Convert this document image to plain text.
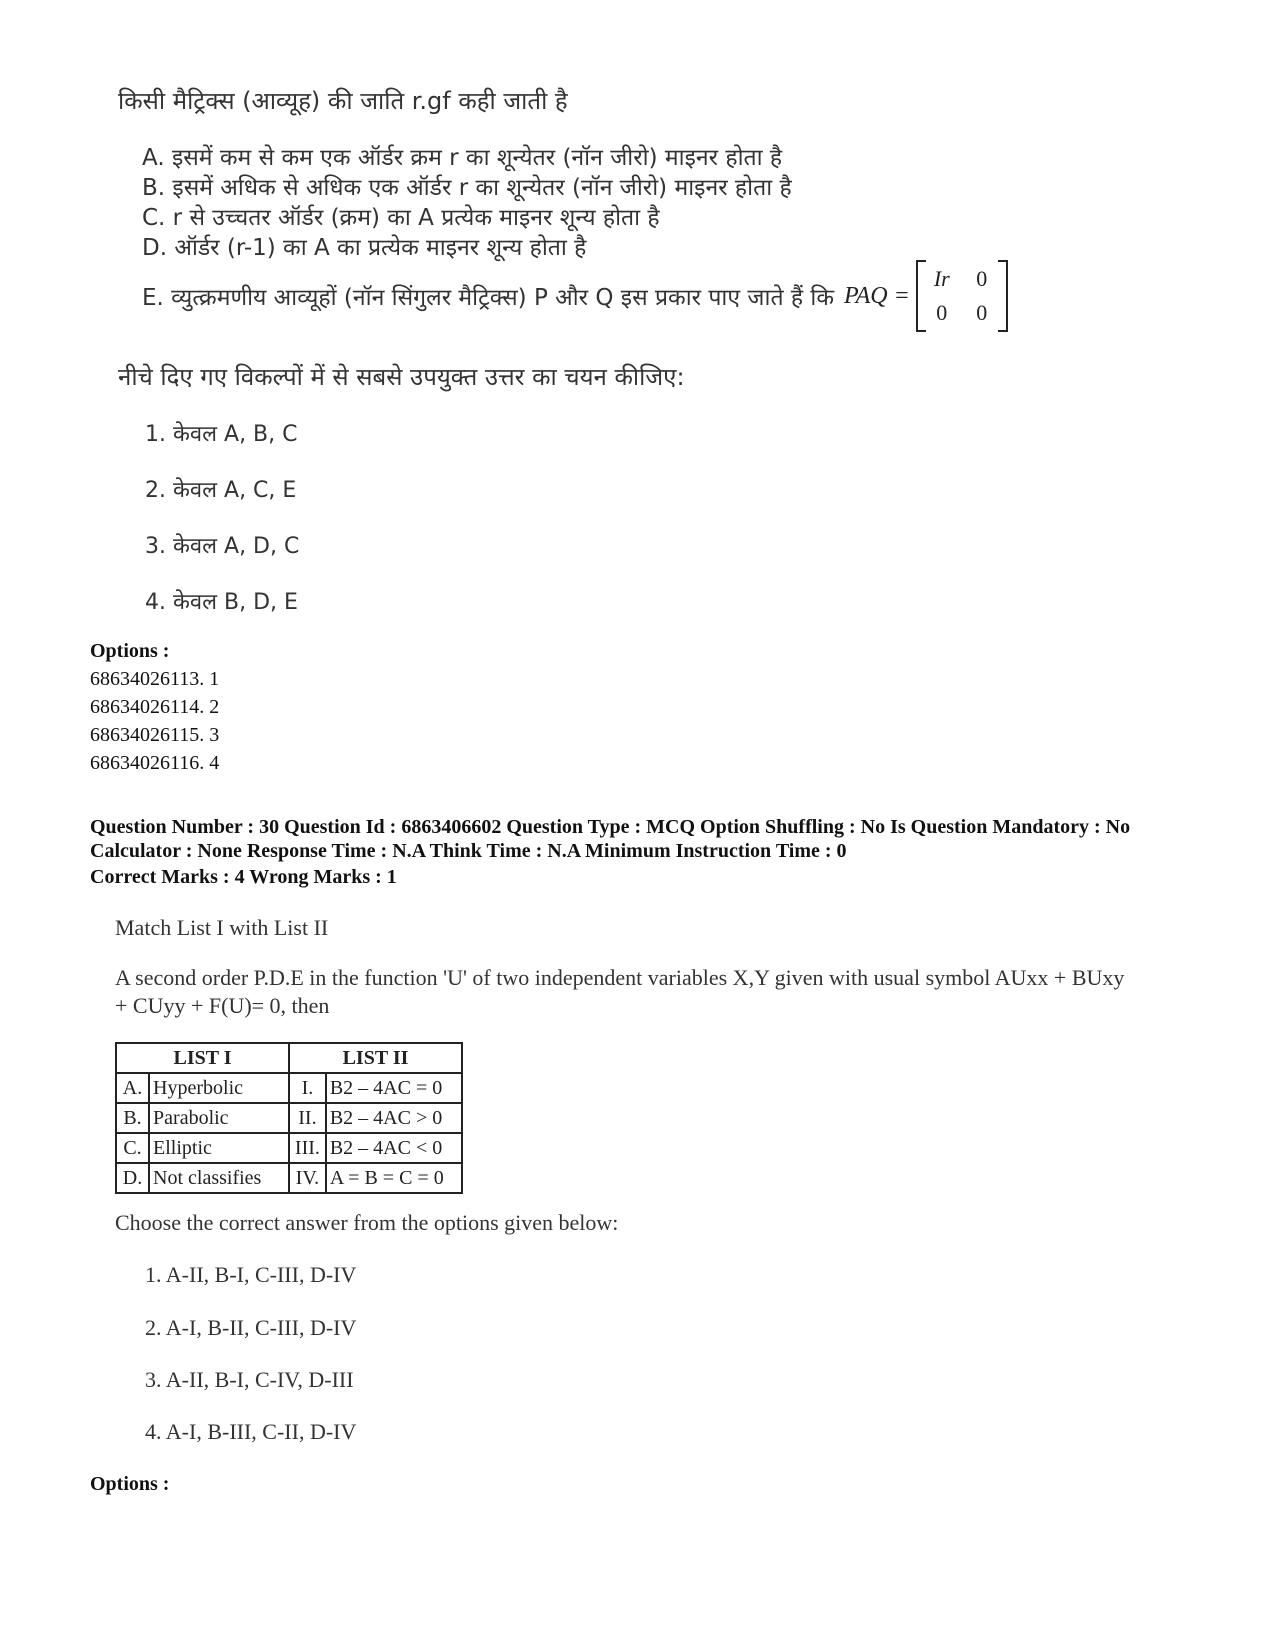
किसी मैट्रिक्स (आव्यूह) की जाति r.gf कही जाती है
A. इसमें कम से कम एक ऑर्डर क्रम r का शून्येतर (नॉन जीरो) माइनर होता है
B. इसमें अधिक से अधिक एक ऑर्डर r का शून्येतर (नॉन जीरो) माइनर होता है
C. r से उच्चतर ऑर्डर (क्रम) का A प्रत्येक माइनर शून्य होता है
D. ऑर्डर (r-1) का A का प्रत्येक माइनर शून्य होता है
E. व्युत्क्रमणीय आव्यूहों (नॉन सिंगुलर मैट्रिक्स) P और Q इस प्रकार पाए जाते हैं कि PAQ =
Ir	0
0	0
नीचे दिए गए विकल्पों में से सबसे उपयुक्त उत्तर का चयन कीजिए:
1. केवल A, B, C
2. केवल A, C, E
3. केवल A, D, C
4. केवल B, D, E
Options :
68634026113. 1
68634026114. 2
68634026115. 3
68634026116. 4
Question Number : 30 Question Id : 6863406602 Question Type : MCQ Option Shuffling : No Is Question Mandatory : No Calculator : None Response Time : N.A Think Time : N.A Minimum Instruction Time : 0
Correct Marks : 4 Wrong Marks : 1
Match List I with List II
A second order P.D.E in the function 'U' of two independent variables X,Y given with usual symbol AUxx + BUxy + CUyy + F(U)= 0, then
LIST I		LIST II	
A.	Hyperbolic	I.	B2 – 4AC = 0
B.	Parabolic	II.	B2 – 4AC > 0
C.	Elliptic	III.	B2 – 4AC < 0
D.	Not classifies	IV.	A = B = C = 0
Choose the correct answer from the options given below:
1. A-II, B-I, C-III, D-IV
2. A-I, B-II, C-III, D-IV
3. A-II, B-I, C-IV, D-III
4. A-I, B-III, C-II, D-IV
Options :
